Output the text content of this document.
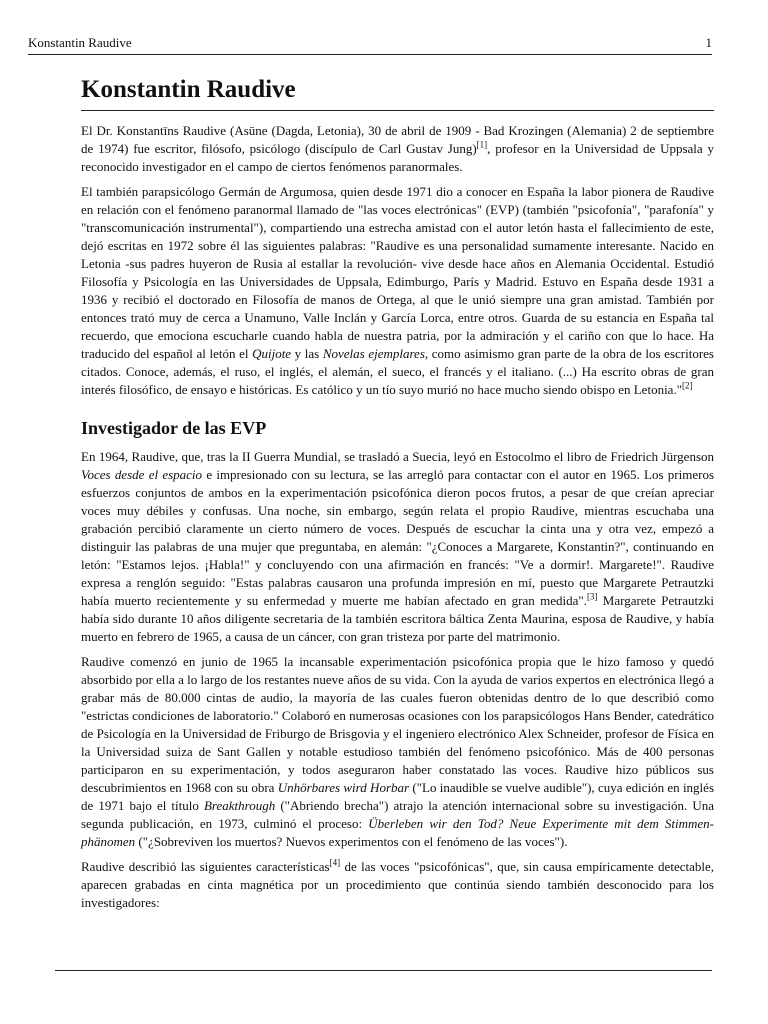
Konstantin Raudive	1
Konstantin Raudive

El Dr. Konstantīns Raudive (Asūne (Dagda, Letonia), 30 de abril de 1909 - Bad Krozingen (Alemania) 2 de septiembre de 1974) fue escritor, filósofo, psicólogo (discípulo de Carl Gustav Jung)[1], profesor en la Universidad de Uppsala y reconocido investigador en el campo de ciertos fenómenos paranormales.

El también parapsicólogo Germán de Argumosa, quien desde 1971 dio a conocer en España la labor pionera de Raudive en relación con el fenómeno paranormal llamado de "las voces electrónicas" (EVP) (también "psicofonía", "parafonía" y "transcomunicación instrumental"), compartiendo una estrecha amistad con el autor letón hasta el fallecimiento de este, dejó escritas en 1972 sobre él las siguientes palabras: "Raudive es una personalidad sumamente interesante. Nacido en Letonia -sus padres huyeron de Rusia al estallar la revolución- vive desde hace años en Alemania Occidental. Estudió Filosofía y Psicología en las Universidades de Uppsala, Edimburgo, París y Madrid. Estuvo en España desde 1931 a 1936 y recibió el doctorado en Filosofía de manos de Ortega, al que le unió siempre una gran amistad. También por entonces trató muy de cerca a Unamuno, Valle Inclán y García Lorca, entre otros. Guarda de su estancia en España tal recuerdo, que emociona escucharle cuando habla de nuestra patria, por la admiración y el cariño con que lo hace. Ha traducido del español al letón el Quijote y las Novelas ejemplares, como asimismo gran parte de la obra de los escritores citados. Conoce, además, el ruso, el inglés, el alemán, el sueco, el francés y el italiano. (...) Ha escrito obras de gran interés filosófico, de ensayo e históricas. Es católico y un tío suyo murió no hace mucho siendo obispo en Letonia."[2]

Investigador de las EVP

En 1964, Raudive, que, tras la II Guerra Mundial, se trasladó a Suecia, leyó en Estocolmo el libro de Friedrich Jürgenson Voces desde el espacio e impresionado con su lectura, se las arregló para contactar con el autor en 1965. Los primeros esfuerzos conjuntos de ambos en la experimentación psicofónica dieron pocos frutos, a pesar de que creían apreciar voces muy débiles y confusas. Una noche, sin embargo, según relata el propio Raudive, mientras escuchaba una grabación percibió claramente un cierto número de voces. Después de escuchar la cinta una y otra vez, empezó a distinguir las palabras de una mujer que preguntaba, en alemán: "¿Conoces a Margarete, Konstantin?", continuando en letón: "Estamos lejos. ¡Habla!" y concluyendo con una afirmación en francés: "Ve a dormir!. Margarete!". Raudive expresa a renglón seguido: "Estas palabras causaron una profunda impresión en mí, puesto que Margarete Petrautzki había muerto recientemente y su enfermedad y muerte me habían afectado en gran medida".[3] Margarete Petrautzki había sido durante 10 años diligente secretaria de la también escritora báltica Zenta Maurina, esposa de Raudive, y había muerto en febrero de 1965, a causa de un cáncer, con gran tristeza por parte del matrimonio.

Raudive comenzó en junio de 1965 la incansable experimentación psicofónica propia que le hizo famoso y quedó absorbido por ella a lo largo de los restantes nueve años de su vida. Con la ayuda de varios expertos en electrónica llegó a grabar más de 80.000 cintas de audio, la mayoría de las cuales fueron obtenidas dentro de lo que describió como "estrictas condiciones de laboratorio." Colaboró en numerosas ocasiones con los parapsicólogos Hans Bender, catedrático de Psicología en la Universidad de Friburgo de Brisgovia y el ingeniero electrónico Alex Schneider, profesor de Física en la Universidad suiza de Sant Gallen y notable estudioso también del fenómeno psicofónico. Más de 400 personas participaron en su experimentación, y todos aseguraron haber constatado las voces. Raudive hizo públicos sus descubrimientos en 1968 con su obra Unhörbares wird Horbar ("Lo inaudible se vuelve audible"), cuya edición en inglés de 1971 bajo el título Breakthrough ("Abriendo brecha") atrajo la atención internacional sobre su investigación. Una segunda publicación, en 1973, culminó el proceso: Überleben wir den Tod? Neue Experimente mit dem Stimmen-phänomen ("¿Sobreviven los muertos? Nuevos experimentos con el fenómeno de las voces").

Raudive describió las siguientes características[4] de las voces "psicofónicas", que, sin causa empíricamente detectable, aparecen grabadas en cinta magnética por un procedimiento que continúa siendo también desconocido para los investigadores:
